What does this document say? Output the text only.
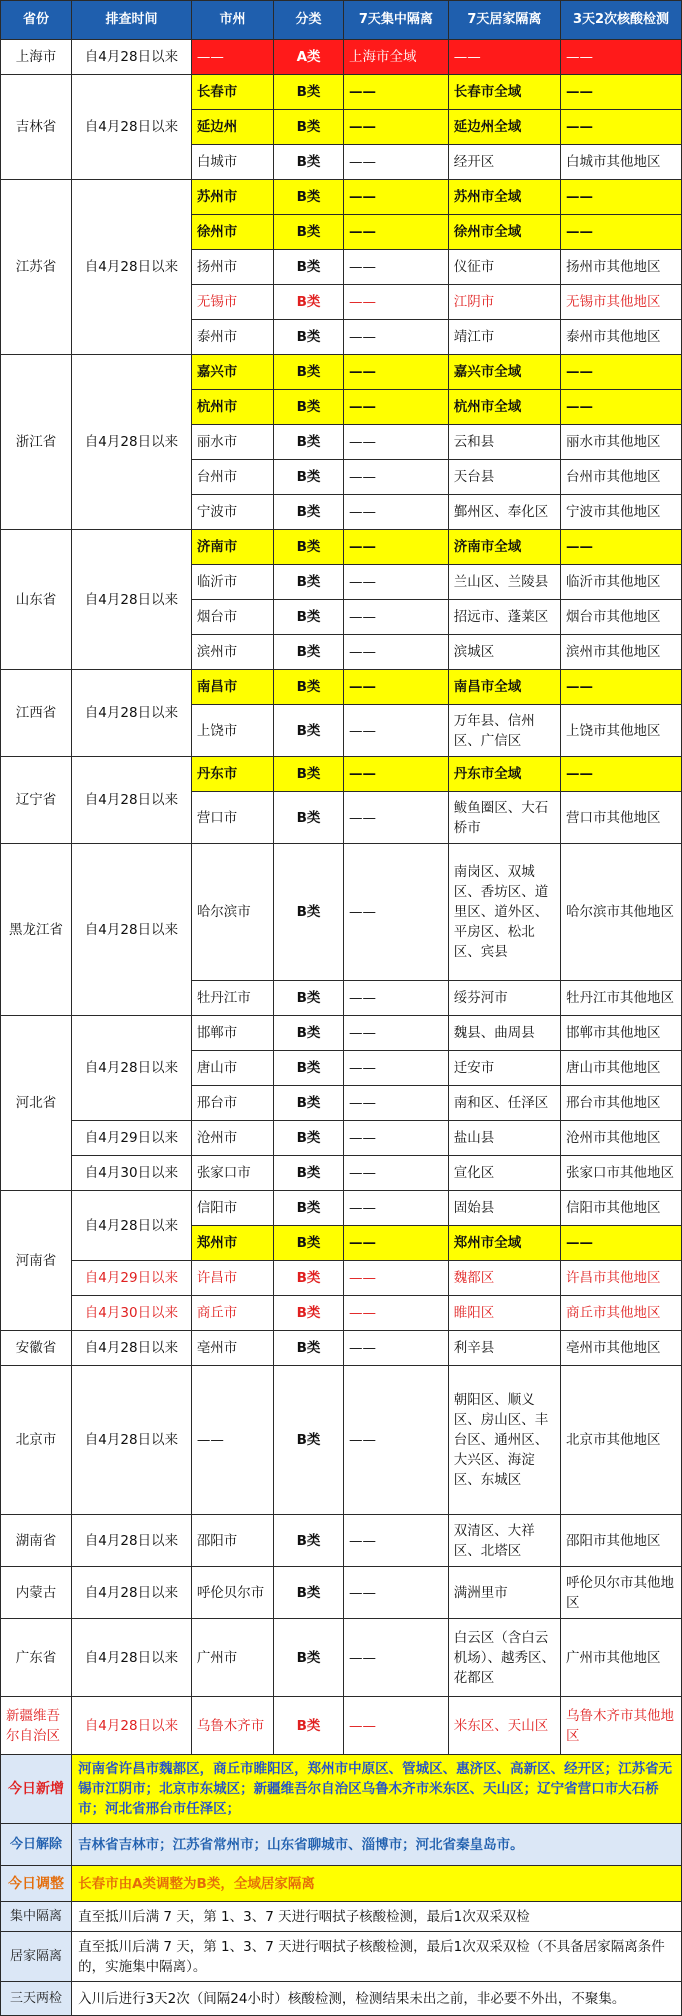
省份	排查时间	市州	分类	7天集中隔离	7天居家隔离	3天2次核酸检测
上海市	自4月28日以来	——	A类	上海市全域	——	——
吉林省	自4月28日以来	长春市	B类	——	长春市全域	——
		延边州	B类	——	延边州全域	——
		白城市	B类	——	经开区	白城市其他地区
江苏省	自4月28日以来	苏州市	B类	——	苏州市全域	——
		徐州市	B类	——	徐州市全域	——
		扬州市	B类	——	仪征市	扬州市其他地区
		无锡市	B类	——	江阴市	无锡市其他地区
		泰州市	B类	——	靖江市	泰州市其他地区
浙江省	自4月28日以来	嘉兴市	B类	——	嘉兴市全域	——
		杭州市	B类	——	杭州市全域	——
		丽水市	B类	——	云和县	丽水市其他地区
		台州市	B类	——	天台县	台州市其他地区
		宁波市	B类	——	鄞州区、奉化区	宁波市其他地区
山东省	自4月28日以来	济南市	B类	——	济南市全域	——
		临沂市	B类	——	兰山区、兰陵县	临沂市其他地区
		烟台市	B类	——	招远市、蓬莱区	烟台市其他地区
		滨州市	B类	——	滨城区	滨州市其他地区
江西省	自4月28日以来	南昌市	B类	——	南昌市全域	——
		上饶市	B类	——	万年县、信州区、广信区	上饶市其他地区
辽宁省	自4月28日以来	丹东市	B类	——	丹东市全域	——
		营口市	B类	——	鲅鱼圈区、大石桥市	营口市其他地区
黑龙江省	自4月28日以来	哈尔滨市	B类	——	南岗区、双城区、香坊区、道里区、道外区、平房区、松北区、宾县	哈尔滨市其他地区
		牡丹江市	B类	——	绥芬河市	牡丹江市其他地区
河北省	自4月28日以来	邯郸市	B类	——	魏县、曲周县	邯郸市其他地区
		唐山市	B类	——	迁安市	唐山市其他地区
		邢台市	B类	——	南和区、任泽区	邢台市其他地区
	自4月29日以来	沧州市	B类	——	盐山县	沧州市其他地区
	自4月30日以来	张家口市	B类	——	宣化区	张家口市其他地区
河南省	自4月28日以来	信阳市	B类	——	固始县	信阳市其他地区
		郑州市	B类	——	郑州市全域	——
	自4月29日以来	许昌市	B类	——	魏都区	许昌市其他地区
	自4月30日以来	商丘市	B类	——	睢阳区	商丘市其他地区
安徽省	自4月28日以来	亳州市	B类	——	利辛县	亳州市其他地区
北京市	自4月28日以来	——	B类	——	朝阳区、顺义区、房山区、丰台区、通州区、大兴区、海淀区、东城区	北京市其他地区
湖南省	自4月28日以来	邵阳市	B类	——	双清区、大祥区、北塔区	邵阳市其他地区
内蒙古	自4月28日以来	呼伦贝尔市	B类	——	满洲里市	呼伦贝尔市其他地区
广东省	自4月28日以来	广州市	B类	——	白云区（含白云机场）、越秀区、花都区	广州市其他地区
新疆维吾尔自治区	自4月28日以来	乌鲁木齐市	B类	——	米东区、天山区	乌鲁木齐市其他地区
今日新增	河南省许昌市魏都区，商丘市睢阳区，郑州市中原区、管城区、惠济区、高新区、经开区；江苏省无锡市江阴市；北京市东城区；新疆维吾尔自治区乌鲁木齐市米东区、天山区；辽宁省营口市大石桥市；河北省邢台市任泽区；					
今日解除	吉林省吉林市；江苏省常州市；山东省聊城市、淄博市；河北省秦皇岛市。					
今日调整	长春市由A类调整为B类，全域居家隔离					
集中隔离	直至抵川后满 7 天，第 1、3、7 天进行咽拭子核酸检测，最后1次双采双检					
居家隔离	直至抵川后满 7 天，第 1、3、7 天进行咽拭子核酸检测，最后1次双采双检（不具备居家隔离条件的，实施集中隔离）。					
三天两检	入川后进行3天2次（间隔24小时）核酸检测，检测结果未出之前，非必要不外出，不聚集。					
